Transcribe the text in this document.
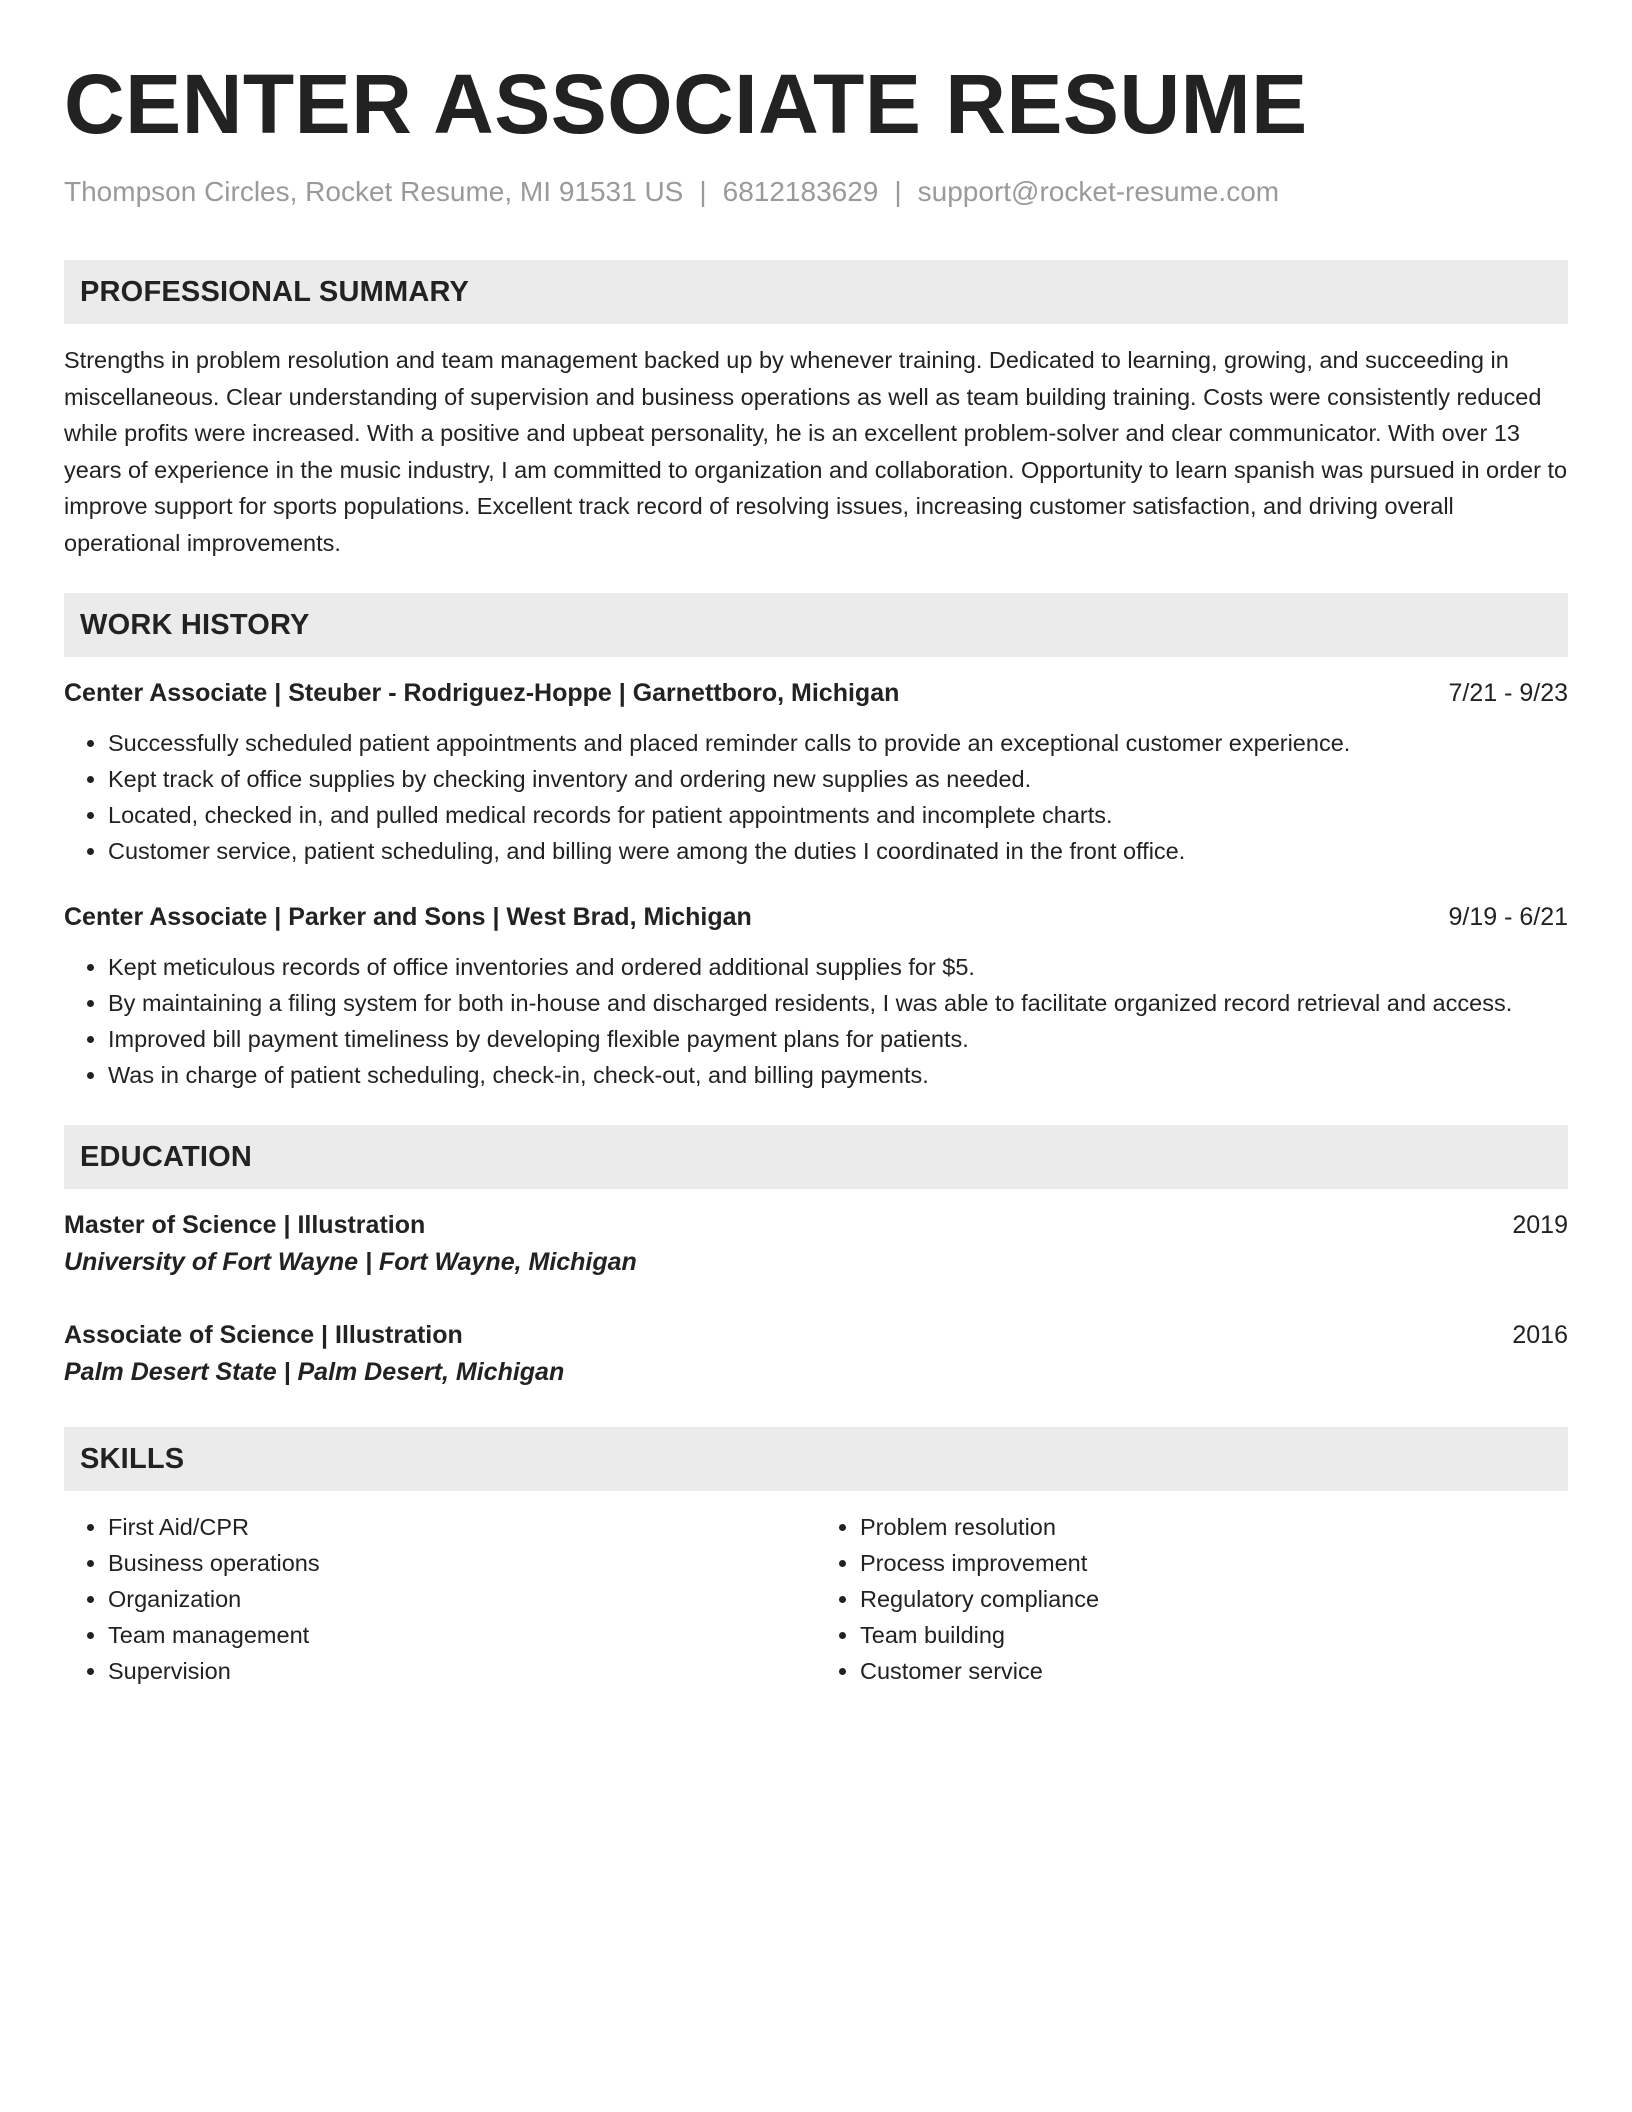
CENTER ASSOCIATE RESUME
Thompson Circles, Rocket Resume, MI 91531 US | 6812183629 | support@rocket-resume.com
PROFESSIONAL SUMMARY

Strengths in problem resolution and team management backed up by whenever training. Dedicated to learning, growing, and succeeding in miscellaneous. Clear understanding of supervision and business operations as well as team building training. Costs were consistently reduced while profits were increased. With a positive and upbeat personality, he is an excellent problem-solver and clear communicator. With over 13 years of experience in the music industry, I am committed to organization and collaboration. Opportunity to learn spanish was pursued in order to improve support for sports populations. Excellent track record of resolving issues, increasing customer satisfaction, and driving overall operational improvements.

WORK HISTORY
Center Associate | Steuber - Rodriguez-Hoppe | Garnettboro, Michigan	7/21 - 9/23
• Successfully scheduled patient appointments and placed reminder calls to provide an exceptional customer experience.
• Kept track of office supplies by checking inventory and ordering new supplies as needed.
• Located, checked in, and pulled medical records for patient appointments and incomplete charts.
• Customer service, patient scheduling, and billing were among the duties I coordinated in the front office.
Center Associate | Parker and Sons | West Brad, Michigan	9/19 - 6/21
• Kept meticulous records of office inventories and ordered additional supplies for $5.
• By maintaining a filing system for both in-house and discharged residents, I was able to facilitate organized record retrieval and access.
• Improved bill payment timeliness by developing flexible payment plans for patients.
• Was in charge of patient scheduling, check-in, check-out, and billing payments.
EDUCATION
Master of Science | Illustration	2019
University of Fort Wayne | Fort Wayne, Michigan
Associate of Science | Illustration	2016
Palm Desert State | Palm Desert, Michigan
SKILLS
• First Aid/CPR
• Business operations
• Organization
• Team management
• Supervision
• Problem resolution
• Process improvement
• Regulatory compliance
• Team building
• Customer service
